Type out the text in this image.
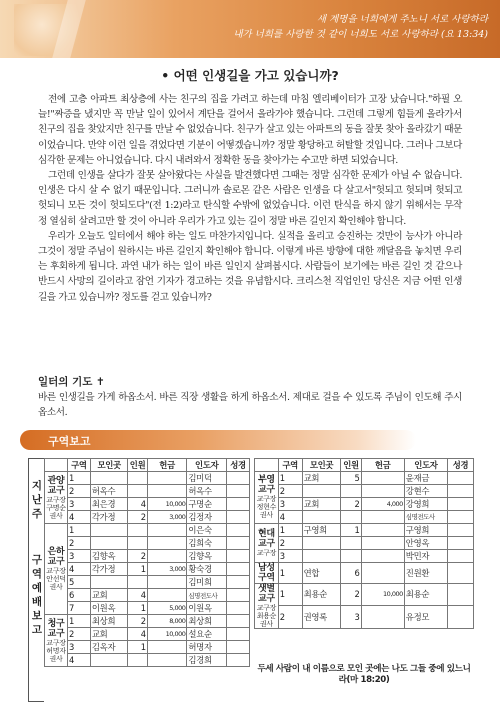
새 계명을 너희에게 주노니 서로 사랑하라
내가 너희를 사랑한 것 같이 너희도 서로 사랑하라 (요 13:34)
• 어떤 인생길을 가고 있습니까?

전에 고층 아파트 최상층에 사는 친구의 집을 가려고 하는데 마침 엘리베이터가 고장 났습니다."하필 오늘!"짜증을 냈지만 꼭 만날 일이 있어서 계단을 걸어서 올라가야 했습니다. 그런데 그렇게 힘들게 올라가서 친구의 집을 찾았지만 친구를 만날 수 없었습니다. 친구가 살고 있는 아파트의 동을 잘못 찾아 올라갔기 때문이었습니다. 만약 이런 일을 겪었다면 기분이 어떻겠습니까? 정말 황당하고 허탈할 것입니다. 그러나 그보다 심각한 문제는 아니었습니다. 다시 내려와서 정확한 동을 찾아가는 수고만 하면 되었습니다.

그런데 인생을 살다가 잘못 살아왔다는 사실을 발견했다면 그때는 정말 심각한 문제가 아닐 수 없습니다. 인생은 다시 살 수 없기 때문입니다. 그러니까 솔로몬 같은 사람은 인생을 다 살고서"헛되고 헛되며 헛되고 헛되니 모든 것이 헛되도다"(전 1:2)라고 탄식할 수밖에 없었습니다. 이런 탄식을 하지 않기 위해서는 무작정 열심히 살려고만 할 것이 아니라 우리가 가고 있는 길이 정말 바른 길인지 확인해야 합니다.

우리가 오늘도 일터에서 해야 하는 일도 마찬가지입니다. 실적을 올리고 승진하는 것만이 능사가 아니라 그것이 정말 주님이 원하시는 바른 길인지 확인해야 합니다. 이렇게 바른 방향에 대한 깨달음을 놓치면 우리는 후회하게 됩니다. 과연 내가 하는 일이 바른 일인지 살펴봅시다. 사람들이 보기에는 바른 길인 것 같으나 반드시 사망의 길이라고 잠언 기자가 경고하는 것을 유념합시다. 크리스천 직업인인 당신은 지금 어떤 인생길을 가고 있습니까? 정도를 걷고 있습니까?

일터의 기도 ✝
바른 인생길을 가게 하옵소서. 바른 직장 생활을 하게 하옵소서. 제대로 걸을 수 있도록 주님이 인도해 주시옵소서.
구역보고
지
난
주
구
역
예
배
보
고
	구역	모인곳	인원	헌금	인도자	성경

관양
교구
교구장
구명순
권사	1				김미덕	
	2	허옥수			허옥수	
	3	최은경	4	10,000	구명순	
	4	각가정	2	3,000	김정자	

은하
교구
교구장
안선덕
권사	1				이은숙	
	2				김희숙	
	3	김향옥	2		김향옥	
	4	각가정	1	3,000	황숙경	
	5				김미희	
	6	교회	4		심명전도사	
	7	이원옥	1	5,000	이원옥	

청구
교구
교구장
허명자
권사	1	최상희	2	8,000	최상희	
	2	교회	4	10,000	설요순	
	3	김옥자	1		허명자	
	4				김경희	
	구역	모인곳	인원	헌금	인도자	성경

부영
교구
교구장
정현수
권사	1	교회	5		윤재금	
	2				강현수	
	3	교회	2	4,000	강영희	
	4				심명전도사	

현대
교구
교구장	1	구영희	1		구영희	
	2				안영옥	
	3				박민자	

남성
구역	1	연합	6		진원환	

샛별
교구
교구장
최용순
권사	1	최용순	2	10,000	최용순	
	2	권영록	3		유정모	
두세 사람이 내 이름으로 모인 곳에는 나도 그들 중에 있느니라(마 18:20)
